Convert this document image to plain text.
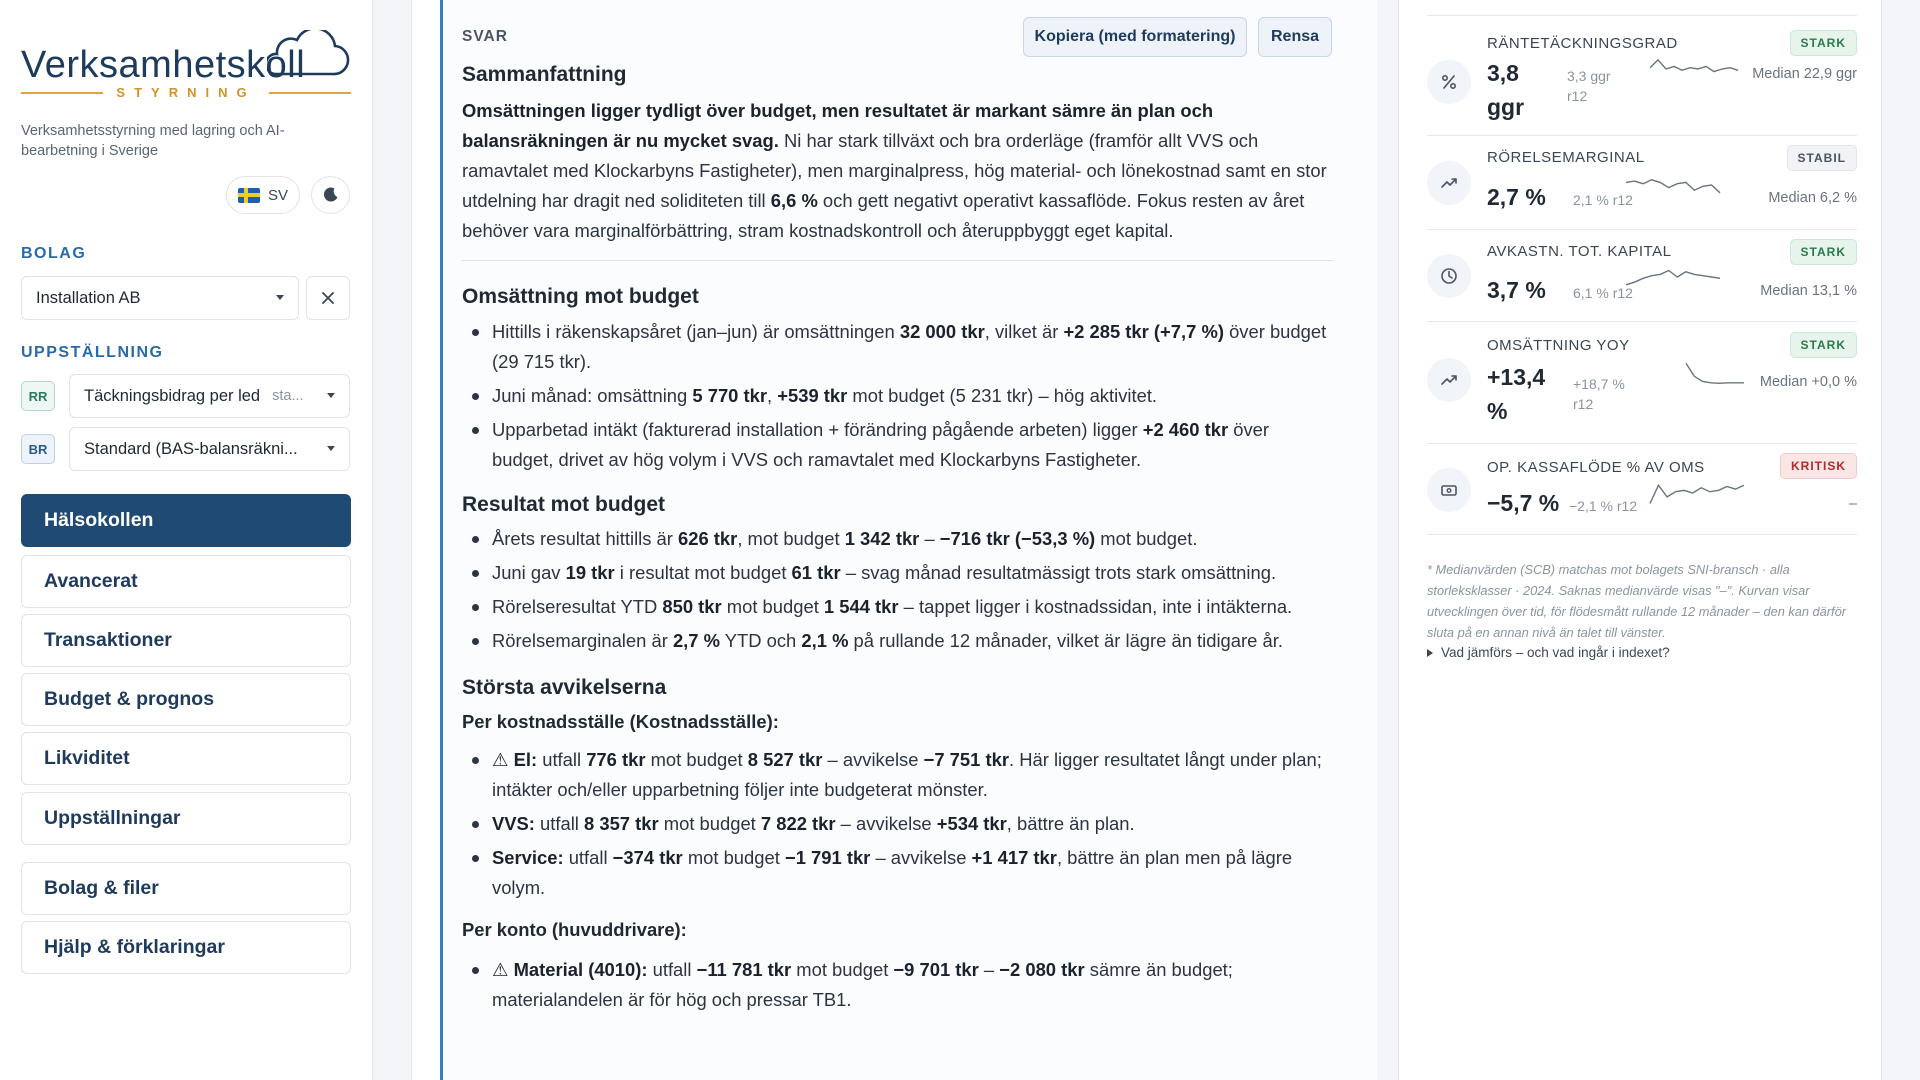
Verksamhetskoll
STYRNING
Verksamhetsstyrning med lagring och AI-bearbetning i Sverige
SV
BOLAG
Installation AB
UPPSTÄLLNING
RR	Täckningsbidrag per led sta...
BR	Standard (BAS-balansräkni...
Hälsokollen
Avancerat
Transaktioner
Budget & prognos
Likviditet
Uppställningar
Bolag & filer
Hjälp & förklaringar
SVAR	Kopiera (med formatering)	Rensa
Sammanfattning

Omsättningen ligger tydligt över budget, men resultatet är markant sämre än plan och balansräkningen är nu mycket svag. Ni har stark tillväxt och bra orderläge (framför allt VVS och ramavtalet med Klockarbyns Fastigheter), men marginalpress, hög material- och lönekostnad samt en stor utdelning har dragit ned soliditeten till 6,6 % och gett negativt operativt kassaflöde. Fokus resten av året behöver vara marginalförbättring, stram kostnadskontroll och återuppbyggt eget kapital.

Omsättning mot budget
Hittills i räkenskapsåret (jan–jun) är omsättningen 32 000 tkr, vilket är +2 285 tkr (+7,7 %) över budget (29 715 tkr).
Juni månad: omsättning 5 770 tkr, +539 tkr mot budget (5 231 tkr) – hög aktivitet.
Upparbetad intäkt (fakturerad installation + förändring pågående arbeten) ligger +2 460 tkr över budget, drivet av hög volym i VVS och ramavtalet med Klockarbyns Fastigheter.
Resultat mot budget
Årets resultat hittills är 626 tkr, mot budget 1 342 tkr – −716 tkr (−53,3 %) mot budget.
Juni gav 19 tkr i resultat mot budget 61 tkr – svag månad resultatmässigt trots stark omsättning.
Rörelseresultat YTD 850 tkr mot budget 1 544 tkr – tappet ligger i kostnadssidan, inte i intäkterna.
Rörelsemarginalen är 2,7 % YTD och 2,1 % på rullande 12 månader, vilket är lägre än tidigare år.
Största avvikelserna
Per kostnadsställe (Kostnadsställe):
⚠ El: utfall 776 tkr mot budget 8 527 tkr – avvikelse −7 751 tkr. Här ligger resultatet långt under plan; intäkter och/eller upparbetning följer inte budgeterat mönster.
VVS: utfall 8 357 tkr mot budget 7 822 tkr – avvikelse +534 tkr, bättre än plan.
Service: utfall −374 tkr mot budget −1 791 tkr – avvikelse +1 417 tkr, bättre än plan men på lägre volym.
Per konto (huvuddrivare):
⚠ Material (4010): utfall −11 781 tkr mot budget −9 701 tkr – −2 080 tkr sämre än budget; materialandelen är för hög och pressar TB1.
RÄNTETÄCKNINGSGRAD	STARK
3,8 ggr
3,3 ggr r12
Median 22,9 ggr
RÖRELSEMARGINAL	STABIL
2,7 % 2,1 % r12	Median 6,2 %
AVKASTN. TOT. KAPITAL	STARK
3,7 % 6,1 % r12	Median 13,1 %
OMSÄTTNING YOY	STARK
+13,4 %
+18,7 % r12
Median +0,0 %
OP. KASSAFLÖDE % AV OMS	KRITISK
−5,7 % −2,1 % r12	–
* Medianvärden (SCB) matchas mot bolagets SNI-bransch · alla storleksklasser · 2024. Saknas medianvärde visas "–". Kurvan visar utvecklingen över tid, för flödesmått rullande 12 månader – den kan därför sluta på en annan nivå än talet till vänster.
Vad jämförs – och vad ingår i indexet?
